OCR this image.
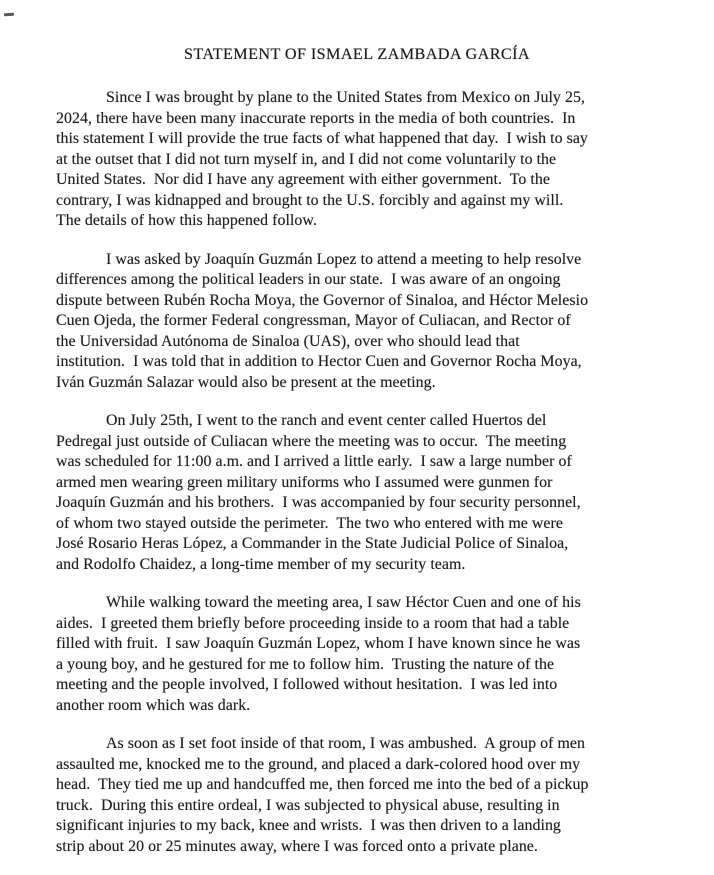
STATEMENT OF ISMAEL ZAMBADA GARCÍA

Since I was brought by plane to the United States from Mexico on July 25,
2024, there have been many inaccurate reports in the media of both countries.  In
this statement I will provide the true facts of what happened that day.  I wish to say
at the outset that I did not turn myself in, and I did not come voluntarily to the
United States.  Nor did I have any agreement with either government.  To the
contrary, I was kidnapped and brought to the U.S. forcibly and against my will.
The details of how this happened follow.

I was asked by Joaquín Guzmán Lopez to attend a meeting to help resolve
differences among the political leaders in our state.  I was aware of an ongoing
dispute between Rubén Rocha Moya, the Governor of Sinaloa, and Héctor Melesio
Cuen Ojeda, the former Federal congressman, Mayor of Culiacan, and Rector of
the Universidad Autónoma de Sinaloa (UAS), over who should lead that
institution.  I was told that in addition to Hector Cuen and Governor Rocha Moya,
Iván Guzmán Salazar would also be present at the meeting.

On July 25th, I went to the ranch and event center called Huertos del
Pedregal just outside of Culiacan where the meeting was to occur.  The meeting
was scheduled for 11:00 a.m. and I arrived a little early.  I saw a large number of
armed men wearing green military uniforms who I assumed were gunmen for
Joaquín Guzmán and his brothers.  I was accompanied by four security personnel,
of whom two stayed outside the perimeter.  The two who entered with me were
José Rosario Heras López, a Commander in the State Judicial Police of Sinaloa,
and Rodolfo Chaidez, a long-time member of my security team.

While walking toward the meeting area, I saw Héctor Cuen and one of his
aides.  I greeted them briefly before proceeding inside to a room that had a table
filled with fruit.  I saw Joaquín Guzmán Lopez, whom I have known since he was
a young boy, and he gestured for me to follow him.  Trusting the nature of the
meeting and the people involved, I followed without hesitation.  I was led into
another room which was dark.

As soon as I set foot inside of that room, I was ambushed.  A group of men
assaulted me, knocked me to the ground, and placed a dark-colored hood over my
head.  They tied me up and handcuffed me, then forced me into the bed of a pickup
truck.  During this entire ordeal, I was subjected to physical abuse, resulting in
significant injuries to my back, knee and wrists.  I was then driven to a landing
strip about 20 or 25 minutes away, where I was forced onto a private plane.
